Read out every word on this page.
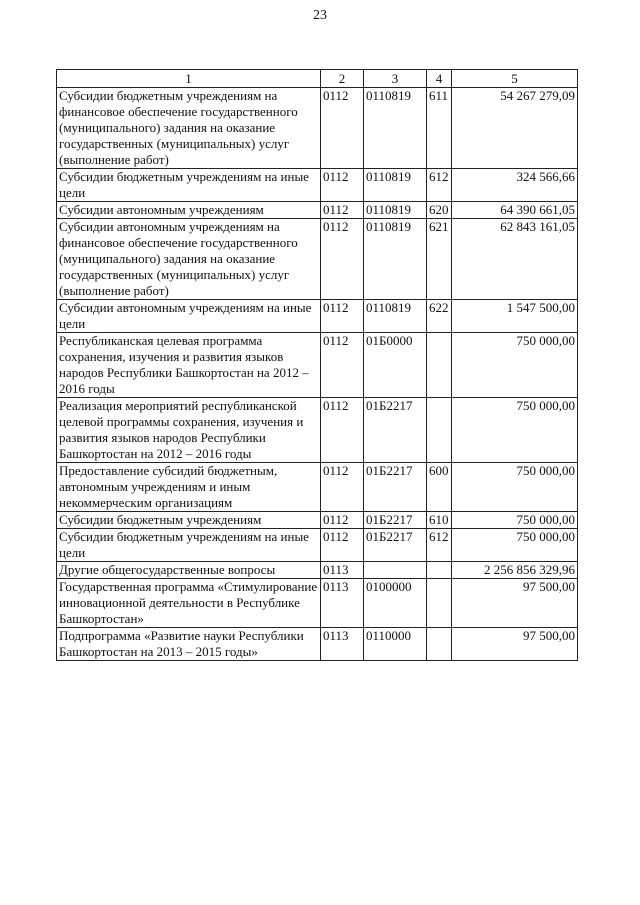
23
1	2	3	4	5
Субсидии бюджетным учреждениям на финансовое обеспечение государственного (муниципального) задания на оказание государственных (муниципальных) услуг (выполнение работ)	0112	0110819	611	54 267 279,09
Субсидии бюджетным учреждениям на иные цели	0112	0110819	612	324 566,66
Субсидии автономным учреждениям	0112	0110819	620	64 390 661,05
Субсидии автономным учреждениям на финансовое обеспечение государственного (муниципального) задания на оказание государственных (муниципальных) услуг (выполнение работ)	0112	0110819	621	62 843 161,05
Субсидии автономным учреждениям на иные цели	0112	0110819	622	1 547 500,00
Республиканская целевая программа сохранения, изучения и развития языков народов Республики Башкортостан на 2012 – 2016 годы	0112	01Б0000		750 000,00
Реализация мероприятий республиканской целевой программы сохранения, изучения и развития языков народов Республики Башкортостан на 2012 – 2016 годы	0112	01Б2217		750 000,00
Предоставление субсидий бюджетным, автономным учреждениям и иным некоммерческим организациям	0112	01Б2217	600	750 000,00
Субсидии бюджетным учреждениям	0112	01Б2217	610	750 000,00
Субсидии бюджетным учреждениям на иные цели	0112	01Б2217	612	750 000,00
Другие общегосударственные вопросы	0113			2 256 856 329,96
Государственная программа «Стимулирование инновационной деятельности в Республике Башкортостан»	0113	0100000		97 500,00
Подпрограмма «Развитие науки Республики Башкортостан на 2013 – 2015 годы»	0113	0110000		97 500,00
